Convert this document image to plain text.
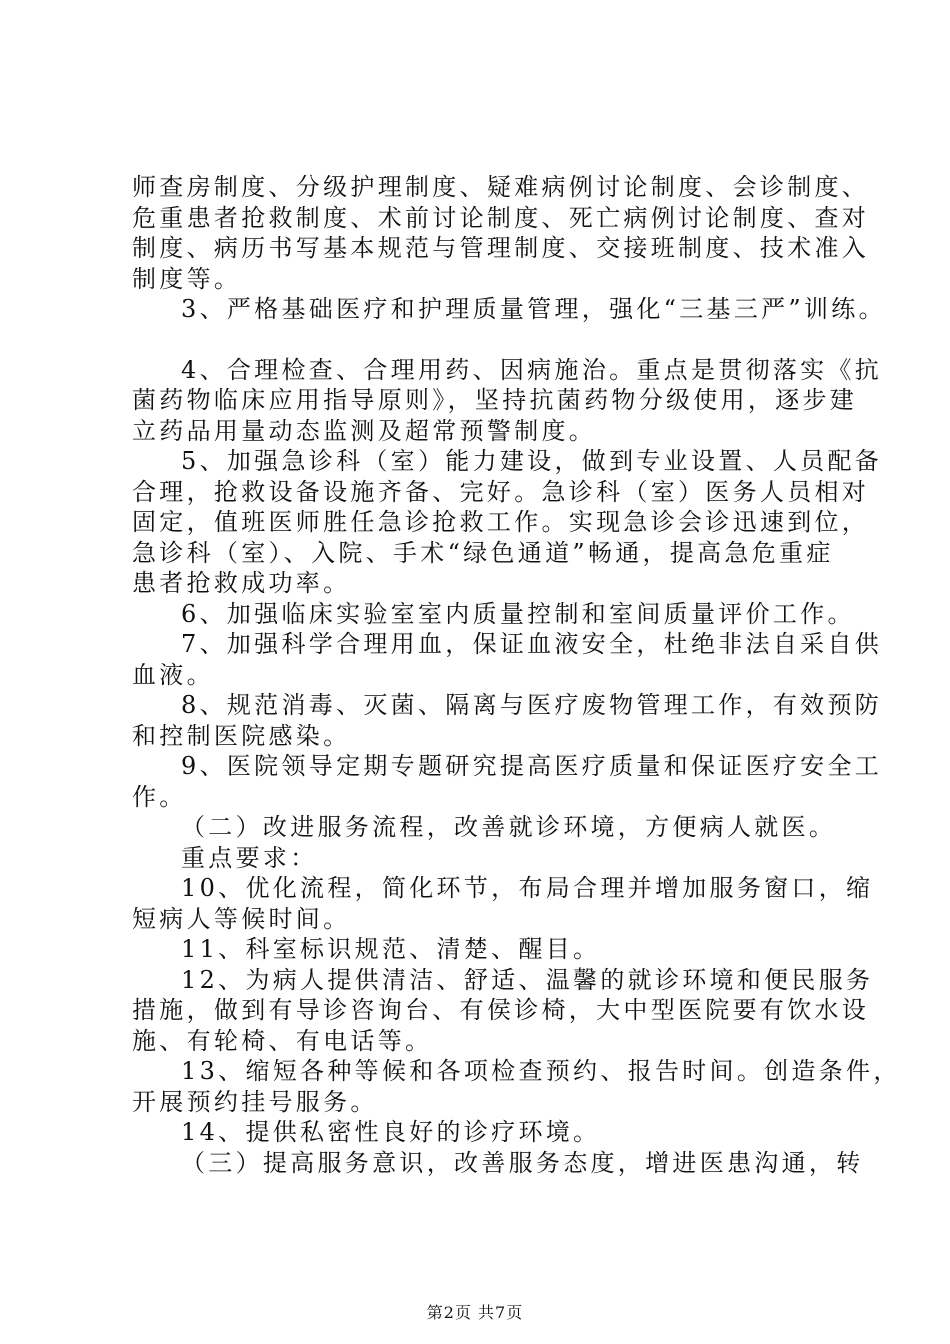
师查房制度、分级护理制度、疑难病例讨论制度、会诊制度、

危重患者抢救制度、术前讨论制度、死亡病例讨论制度、查对

制度、病历书写基本规范与管理制度、交接班制度、技术准入

制度等。

3、严格基础医疗和护理质量管理，强化“三基三严”训练。

4、合理检查、合理用药、因病施治。重点是贯彻落实《抗

菌药物临床应用指导原则》，坚持抗菌药物分级使用，逐步建

立药品用量动态监测及超常预警制度。

5、加强急诊科（室）能力建设，做到专业设置、人员配备

合理，抢救设备设施齐备、完好。急诊科（室）医务人员相对

固定，值班医师胜任急诊抢救工作。实现急诊会诊迅速到位，

急诊科（室）、入院、手术“绿色通道”畅通，提高急危重症

患者抢救成功率。

6、加强临床实验室室内质量控制和室间质量评价工作。

7、加强科学合理用血，保证血液安全，杜绝非法自采自供

血液。

8、规范消毒、灭菌、隔离与医疗废物管理工作，有效预防

和控制医院感染。

9、医院领导定期专题研究提高医疗质量和保证医疗安全工

作。

（二）改进服务流程，改善就诊环境，方便病人就医。

重点要求：

10、优化流程，简化环节，布局合理并增加服务窗口，缩

短病人等候时间。

11、科室标识规范、清楚、醒目。

12、为病人提供清洁、舒适、温馨的就诊环境和便民服务

措施，做到有导诊咨询台、有侯诊椅，大中型医院要有饮水设

施、有轮椅、有电话等。

13、缩短各种等候和各项检查预约、报告时间。创造条件，

开展预约挂号服务。

14、提供私密性良好的诊疗环境。

（三）提高服务意识，改善服务态度，增进医患沟通，转

第2页 共7页
